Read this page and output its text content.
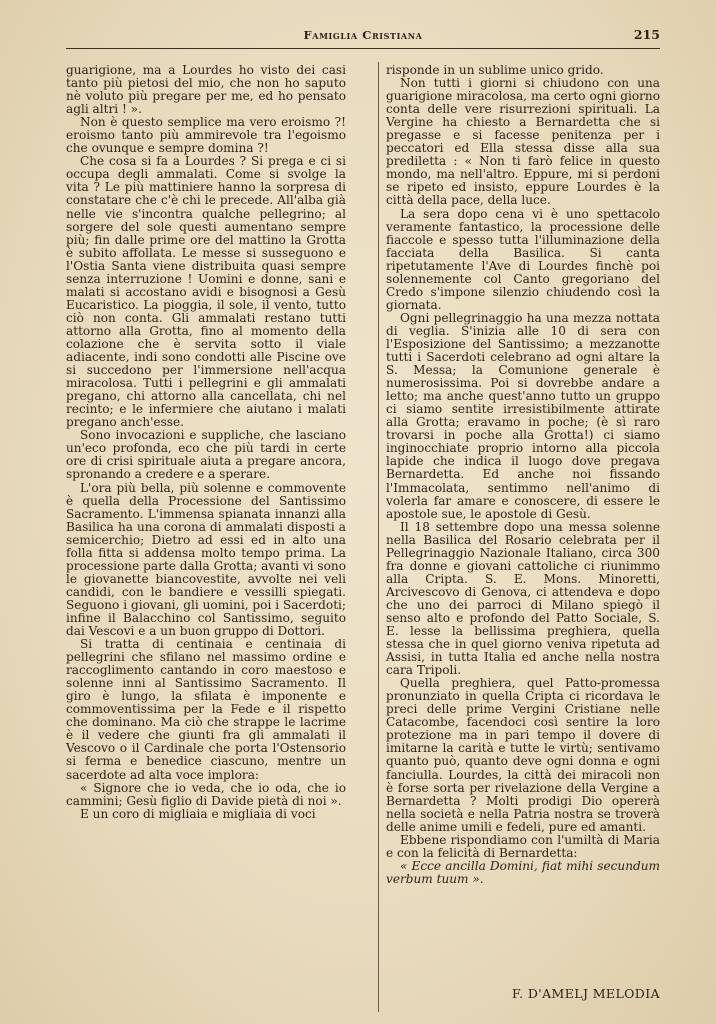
Famiglia Cristiana	215

guarigione, ma a Lourdes ho visto dei casi tanto più pietosi del mio, che non ho saputo nè voluto più pregare per me, ed ho pensato agli altri ! ».

Non è questo semplice ma vero eroismo ?! eroismo tanto più ammirevole tra l'egoismo che ovunque e sempre domina ?!

Che cosa si fa a Lourdes ? Si prega e ci si occupa degli ammalati. Come si svolge la vita ? Le più mattiniere hanno la sorpresa di constatare che c'è chi le precede. All'alba già nelle vie s'incontra qualche pellegrino; al sorgere del sole questi aumentano sempre più; fin dalle prime ore del mattino la Grotta è subito affollata. Le messe si susseguono e l'Ostia Santa viene distribuita quasi sempre senza interruzione ! Uomini e donne, sani e malati si accostano avidi e bisognosi a Gesù Eucaristico. La pioggia, il sole, il vento, tutto ciò non conta. Gli ammalati restano tutti attorno alla Grotta, fino al momento della colazione che è servita sotto il viale adiacente, indi sono condotti alle Piscine ove si succedono per l'immersione nell'acqua miracolosa. Tutti i pellegrini e gli ammalati pregano, chi attorno alla cancellata, chi nel recinto; e le infermiere che aiutano i malati pregano anch'esse.

Sono invocazioni e suppliche, che lasciano un'eco profonda, eco che più tardi in certe ore di crisi spirituale aiuta a pregare ancora, spronando a credere e a sperare.

L'ora più bella, più solenne e commovente è quella della Processione del Santissimo Sacramento. L'immensa spianata innanzi alla Basilica ha una corona di ammalati disposti a semicerchio; Dietro ad essi ed in alto una folla fitta si addensa molto tempo prima. La processione parte dalla Grotta; avanti vi sono le giovanette biancovestite, avvolte nei veli candidi, con le bandiere e vessilli spiegati. Seguono i giovani, gli uomini, poi i Sacerdoti; infine il Balacchino col Santissimo, seguito dai Vescovi e a un buon gruppo di Dottori.

Si tratta di centinaia e centinaia di pellegrini che sfilano nel massimo ordine e raccoglimento cantando in coro maestoso e solenne inni al Santissimo Sacramento. Il giro è lungo, la sfilata è imponente e commoventissima per la Fede e il rispetto che dominano. Ma ciò che strappe le lacrime è il vedere che giunti fra gli ammalati il Vescovo o il Cardinale che porta l'Ostensorio si ferma e benedice ciascuno, mentre un sacerdote ad alta voce implora:

« Signore che io veda, che io oda, che io cammini; Gesù figlio di Davide pietà di noi ».

E un coro di migliaia e migliaia di voci

risponde in un sublime unico grido.

Non tutti i giorni si chiudono con una guarigione miracolosa, ma certo ogni giorno conta delle vere risurrezioni spirituali. La Vergine ha chiesto a Bernardetta che si pregasse e si facesse penitenza per i peccatori ed Ella stessa disse alla sua prediletta : « Non ti farò felice in questo mondo, ma nell'altro. Eppure, mi si perdoni se ripeto ed insisto, eppure Lourdes è la città della pace, della luce.

La sera dopo cena vi è uno spettacolo veramente fantastico, la processione delle fiaccole e spesso tutta l'illuminazione della facciata della Basilica. Si canta ripetutamente l'Ave di Lourdes finchè poi solennemente col Canto gregoriano del Credo s'impone silenzio chiudendo così la giornata.

Ogni pellegrinaggio ha una mezza nottata di veglia. S'inizia alle 10 di sera con l'Esposizione del Santissimo; a mezzanotte tutti i Sacerdoti celebrano ad ogni altare la S. Messa; la Comunione generale è numerosissima. Poi si dovrebbe andare a letto; ma anche quest'anno tutto un gruppo ci siamo sentite irresistibilmente attirate alla Grotta; eravamo in poche; (è sì raro trovarsi in poche alla Grotta!) ci siamo inginocchiate proprio intorno alla piccola lapide che indica il luogo dove pregava Bernardetta. Ed anche noi fissando l'Immacolata, sentimmo nell'animo di volerla far amare e conoscere, di essere le apostole sue, le apostole di Gesù.

Il 18 settembre dopo una messa solenne nella Basilica del Rosario celebrata per il Pellegrinaggio Nazionale Italiano, circa 300 fra donne e giovani cattoliche ci riunimmo alla Cripta. S. E. Mons. Minoretti, Arcivescovo di Genova, ci attendeva e dopo che uno dei parroci di Milano spiegò il senso alto e profondo del Patto Sociale, S. E. lesse la bellissima preghiera, quella stessa che in quel giorno veniva ripetuta ad Assisi, in tutta Italia ed anche nella nostra cara Tripoli.

Quella preghiera, quel Patto-promessa pronunziato in quella Cripta ci ricordava le preci delle prime Vergini Cristiane nelle Catacombe, facendoci così sentire la loro protezione ma in pari tempo il dovere di imitarne la carità e tutte le virtù; sentivamo quanto può, quanto deve ogni donna e ogni fanciulla. Lourdes, la città dei miracoli non è forse sorta per rivelazione della Vergine a Bernardetta ? Molti prodigi Dio opererà nella società e nella Patria nostra se troverà delle anime umili e fedeli, pure ed amanti.

Ebbene rispondiamo con l'umiltà di Maria e con la felicità di Bernardetta:

« Ecce ancilla Domini, fiat mihi secundum verbum tuum ».

F. D'AMELJ MELODIA
